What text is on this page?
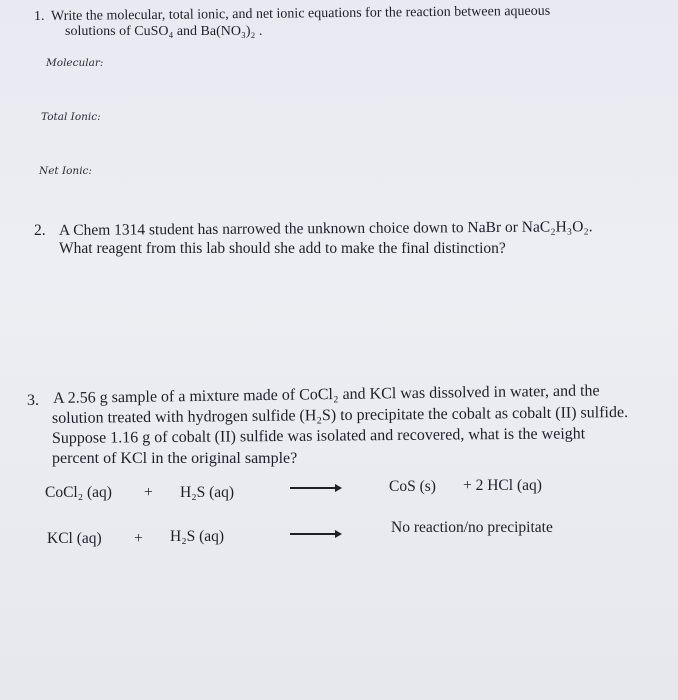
1. Write the molecular, total ionic, and net ionic equations for the reaction between aqueous
solutions of CuSO₄ and Ba(NO₃)₂ .
Molecular:
Total Ionic:
Net Ionic:
2. A Chem 1314 student has narrowed the unknown choice down to NaBr or NaC₂H₃O₂.
What reagent from this lab should she add to make the final distinction?
3. A 2.56 g sample of a mixture made of CoCl₂ and KCl was dissolved in water, and the
solution treated with hydrogen sulfide (H₂S) to precipitate the cobalt as cobalt (II) sulfide.
Suppose 1.16 g of cobalt (II) sulfide was isolated and recovered, what is the weight
percent of KCl in the original sample?
CoCl₂ (aq) + H₂S (aq)	CoS (s) + 2 HCl (aq)
KCl (aq) + H₂S (aq)
No reaction/no precipitate
